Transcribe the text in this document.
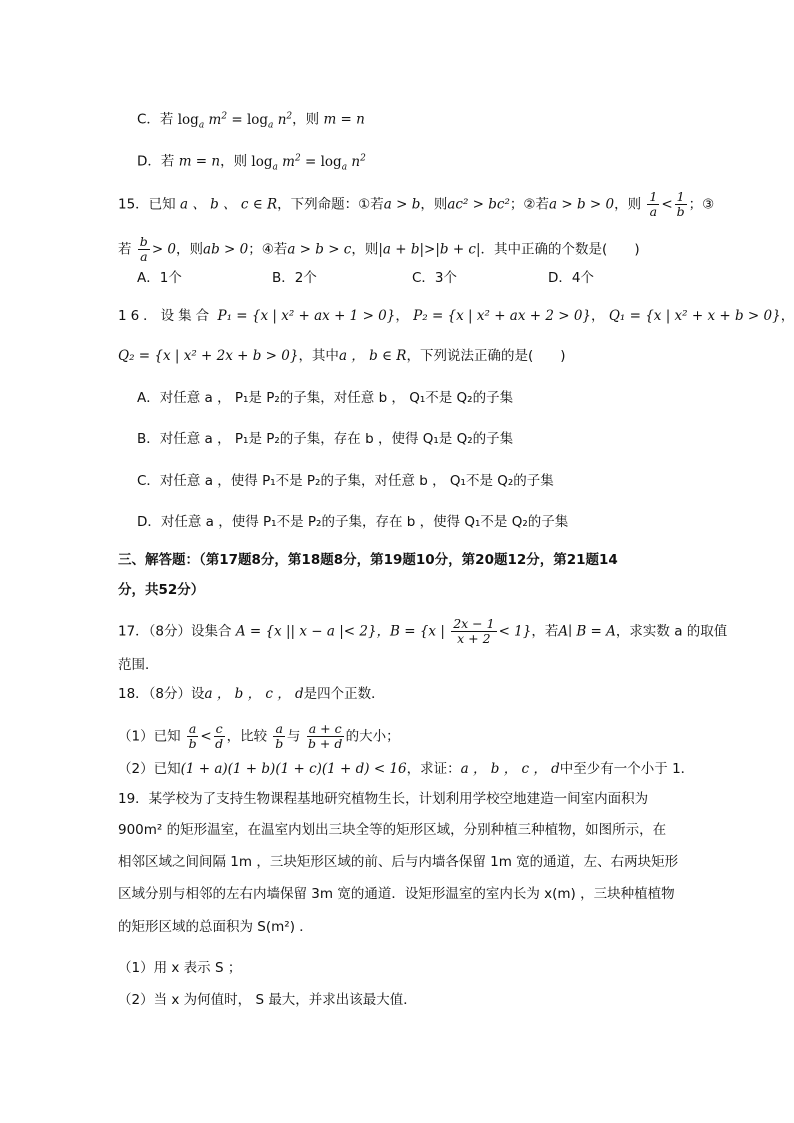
C．若 $\log_a m^2 = \log_a n^2$，则 m = n
D．若 m = n，则 $\log_a m^2 = \log_a n^2$
15．已知 a 、 b 、 c ∈ R，下列命题：①若a > b，则ac² > bc²；②若a > b > 0，则 $\frac{1}{a} < \frac{1}{b}$ ；③
若 $\frac{b}{a} > 0$，则ab > 0；④若a > b > c，则|a + b|>|b + c|．其中正确的个数是(　　)
A．1个	B．2个	C．3个	D．4个
16．设集合 P₁ = {x | x² + ax + 1 > 0}， P₂ = {x | x² + ax + 2 > 0}， Q₁ = {x | x² + x + b > 0}，
Q₂ = {x | x² + 2x + b > 0}，其中a ， b ∈ R，下列说法正确的是(　　)
A．对任意 a ， P₁是 P₂的子集，对任意 b ， Q₁不是 Q₂的子集
B．对任意 a ， P₁是 P₂的子集，存在 b ，使得 Q₁是 Q₂的子集
C．对任意 a ，使得 P₁不是 P₂的子集，对任意 b ， Q₁不是 Q₂的子集
D．对任意 a ，使得 P₁不是 P₂的子集，存在 b ，使得 Q₁不是 Q₂的子集
三、解答题：（第17题8分，第18题8分，第19题10分，第20题12分，第21题14
分，共52分）
17．（8分）设集合 A = {x || x − a |< 2}，B = {x | $\frac{2x - 1}{x + 2} < 1$}，若A∣ B = A，求实数 a 的取值
范围．
18．（8分）设a ， b ， c ， d是四个正数．
（1）已知 $\frac{a}{b} < \frac{c}{d}$ ，比较 $\frac{a}{b}$ 与 $\frac{a + c}{b + d}$ 的大小；
（2）已知(1 + a)(1 + b)(1 + c)(1 + d) < 16，求证：a ， b ， c ， d中至少有一个小于 1．
19．某学校为了支持生物课程基地研究植物生长，计划利用学校空地建造一间室内面积为
900m² 的矩形温室，在温室内划出三块全等的矩形区域，分别种植三种植物，如图所示，在
相邻区域之间间隔 1m ，三块矩形区域的前、后与内墙各保留 1m 宽的通道，左、右两块矩形
区域分别与相邻的左右内墙保留 3m 宽的通道．设矩形温室的室内长为 x(m) ，三块种植植物
的矩形区域的总面积为 S(m²) ．
（1）用 x 表示 S ；
（2）当 x 为何值时， S 最大，并求出该最大值．
